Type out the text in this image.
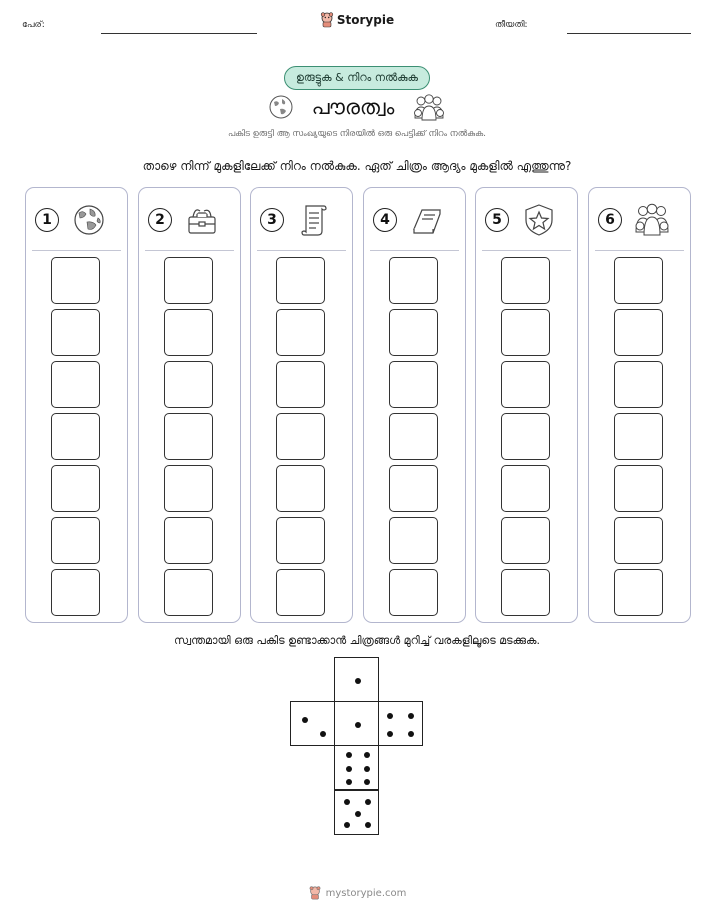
പേര്:	Storypie	തീയതി:
ഉരുട്ടുക & നിറം നൽകുക
പൗരത്വം
പകിട ഉരുട്ടി ആ സംഖ്യയുടെ നിരയിൽ ഒരു പെട്ടിക്ക് നിറം നൽകുക.
താഴെ നിന്ന് മുകളിലേക്ക് നിറം നൽകുക. ഏത് ചിത്രം ആദ്യം മുകളിൽ എത്തുന്നു?
1	2	3	4	5	6
സ്വന്തമായി ഒരു പകിട ഉണ്ടാക്കാൻ ചിത്രങ്ങൾ മുറിച്ച് വരകളിലൂടെ മടക്കുക.
mystorypie.com
